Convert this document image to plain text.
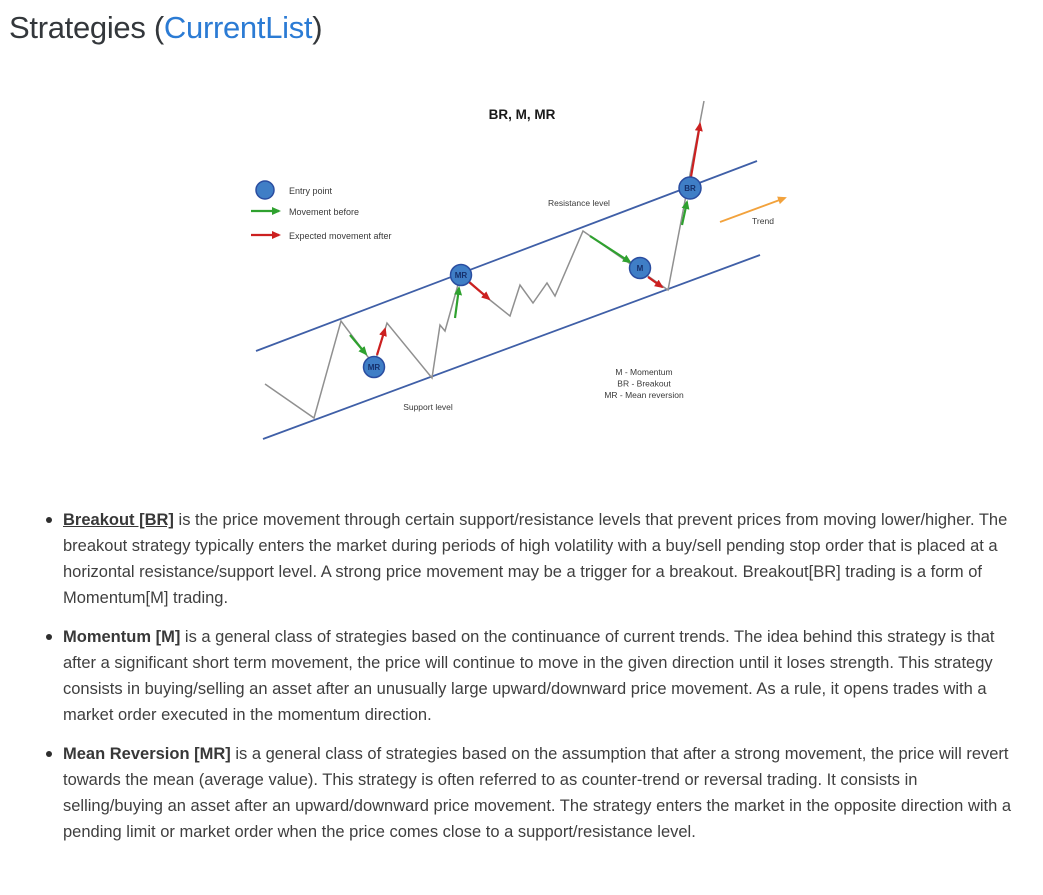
Strategies (CurrentList)
BR, M, MR
Entry point
Movement before
Expected movement after
MR
MR
M
BR
Resistance level
Support level
Trend
M - Momentum
BR - Breakout
MR - Mean reversion
Breakout [BR] is the price movement through certain support/resistance levels that prevent prices from moving lower/higher. The breakout strategy typically enters the market during periods of high volatility with a buy/sell pending stop order that is placed at a horizontal resistance/support level. A strong price movement may be a trigger for a breakout. Breakout[BR] trading is a form of Momentum[M] trading.
Momentum [M] is a general class of strategies based on the continuance of current trends. The idea behind this strategy is that after a significant short term movement, the price will continue to move in the given direction until it loses strength. This strategy consists in buying/selling an asset after an unusually large upward/downward price movement. As a rule, it opens trades with a market order executed in the momentum direction.
Mean Reversion [MR] is a general class of strategies based on the assumption that after a strong movement, the price will revert towards the mean (average value). This strategy is often referred to as counter-trend or reversal trading. It consists in selling/buying an asset after an upward/downward price movement. The strategy enters the market in the opposite direction with a pending limit or market order when the price comes close to a support/resistance level.
